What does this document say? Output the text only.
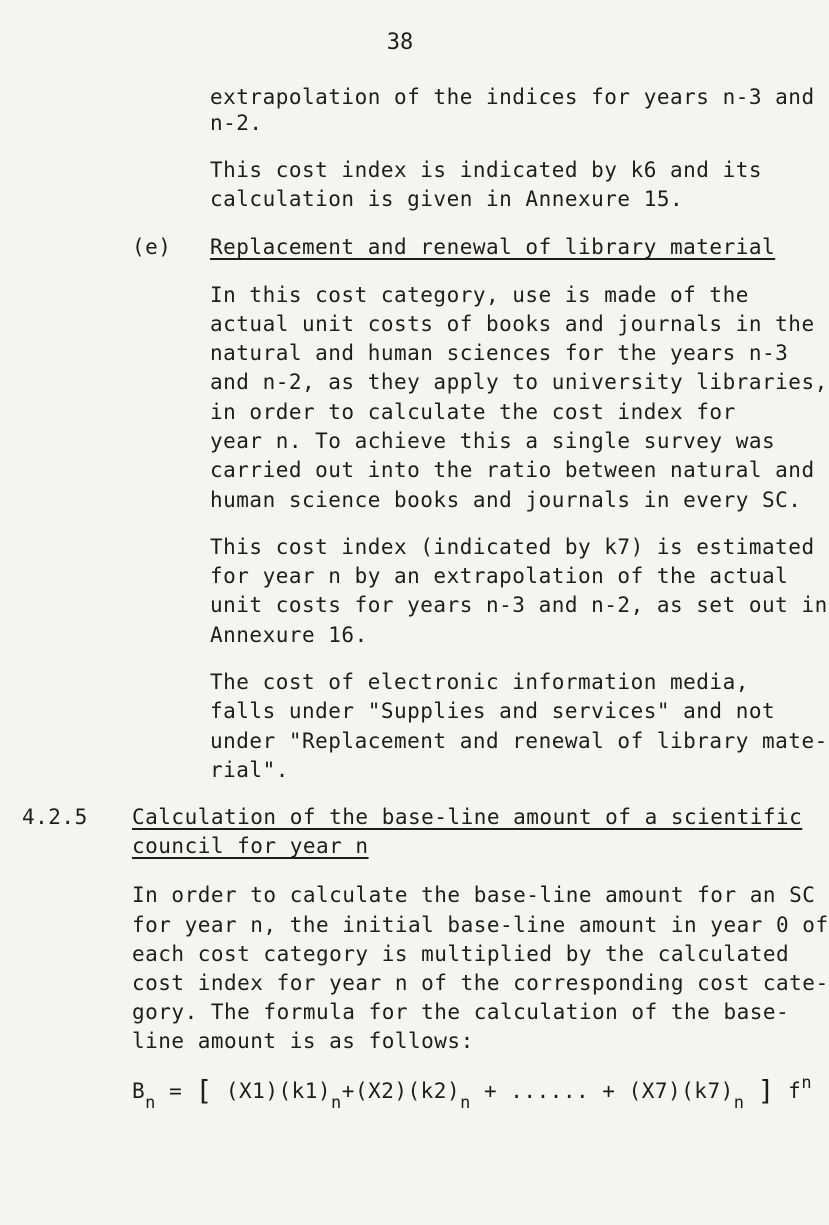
38
extrapolation of the indices for years n-3 and
n-2.
This cost index is indicated by k6 and its
calculation is given in Annexure 15.
(e) Replacement and renewal of library material
In this cost category, use is made of the
actual unit costs of books and journals in the
natural and human sciences for the years n-3
and n-2, as they apply to university libraries,
in order to calculate the cost index for
year n. To achieve this a single survey was
carried out into the ratio between natural and
human science books and journals in every SC.
This cost index (indicated by k7) is estimated
for year n by an extrapolation of the actual
unit costs for years n-3 and n-2, as set out in
Annexure 16.
The cost of electronic information media,
falls under "Supplies and services" and not
under "Replacement and renewal of library mate-
rial".
4.2.5 Calculation of the base-line amount of a scientific
council for year n
In order to calculate the base-line amount for an SC
for year n, the initial base-line amount in year 0 of
each cost category is multiplied by the calculated
cost index for year n of the corresponding cost cate-
gory. The formula for the calculation of the base-
line amount is as follows:
$B_n$ = [ $(X1)(k1)_n+(X2)(k2)_n$ + ...... + $(X7)(k7)_n$ ] $f^n$
